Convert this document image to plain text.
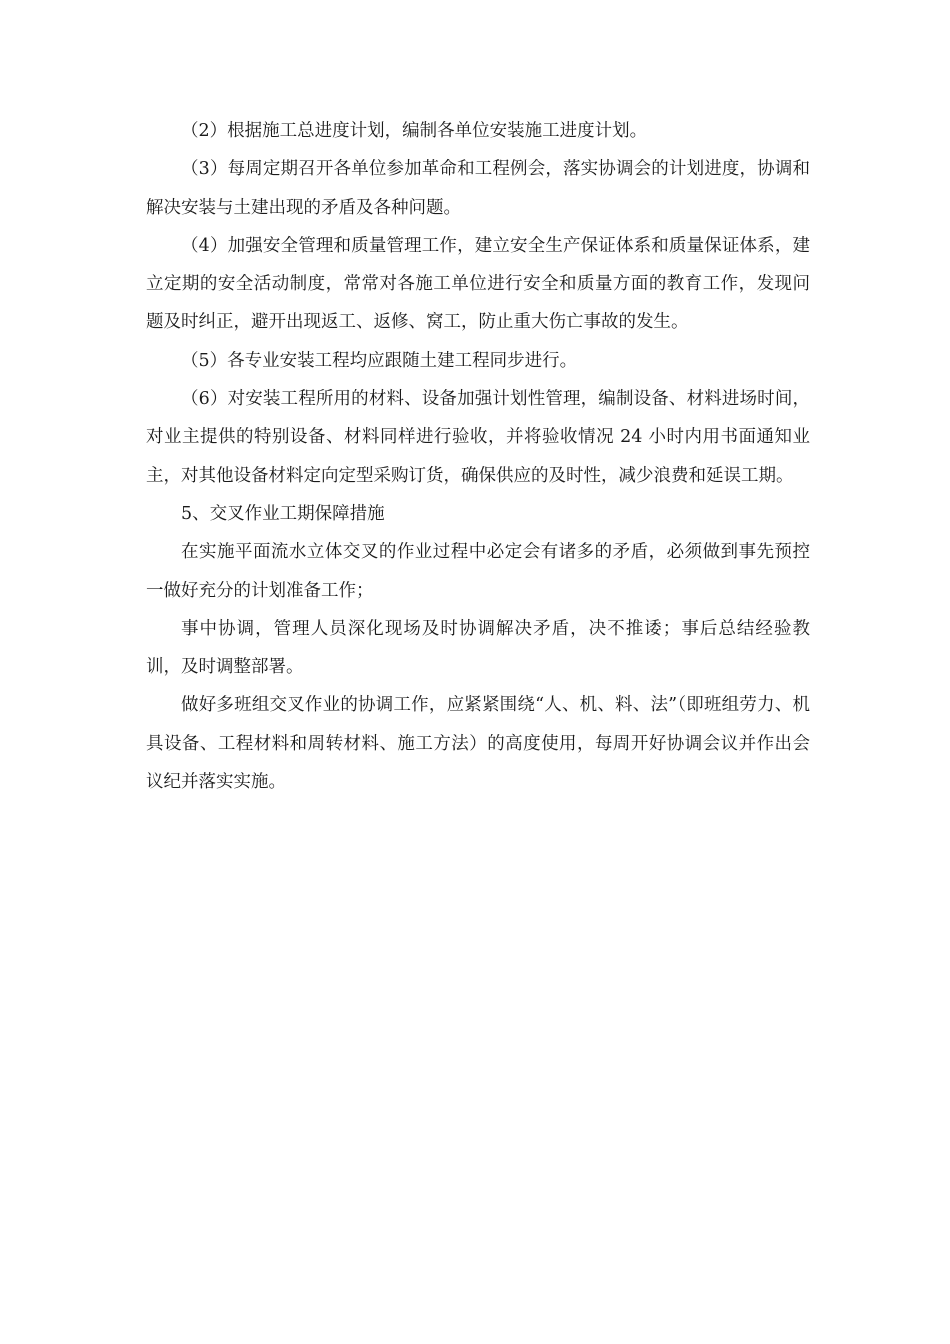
（2）根据施工总进度计划，编制各单位安装施工进度计划。

（3）每周定期召开各单位参加革命和工程例会，落实协调会的计划进度，协调和解决安装与土建出现的矛盾及各种问题。

（4）加强安全管理和质量管理工作，建立安全生产保证体系和质量保证体系，建立定期的安全活动制度，常常对各施工单位进行安全和质量方面的教育工作，发现问题及时纠正，避开出现返工、返修、窝工，防止重大伤亡事故的发生。

（5）各专业安装工程均应跟随土建工程同步进行。

（6）对安装工程所用的材料、设备加强计划性管理，编制设备、材料进场时间，对业主提供的特别设备、材料同样进行验收，并将验收情况 24 小时内用书面通知业主，对其他设备材料定向定型采购订货，确保供应的及时性，减少浪费和延误工期。

5、交叉作业工期保障措施

在实施平面流水立体交叉的作业过程中必定会有诸多的矛盾，必须做到事先预控一做好充分的计划准备工作；

事中协调，管理人员深化现场及时协调解决矛盾，决不推诿；事后总结经验教训，及时调整部署。

做好多班组交叉作业的协调工作，应紧紧围绕“人、机、料、法”（即班组劳力、机具设备、工程材料和周转材料、施工方法）的高度使用，每周开好协调会议并作出会议纪并落实实施。
